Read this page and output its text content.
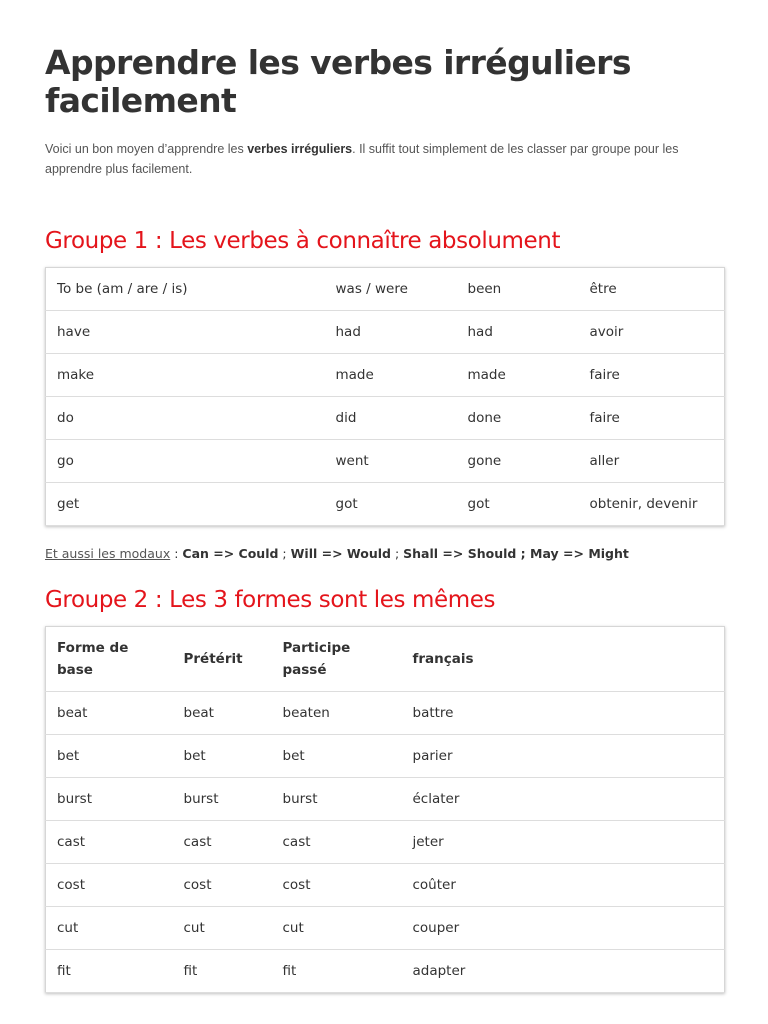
Apprendre les verbes irréguliers facilement

Voici un bon moyen d’apprendre les verbes irréguliers. Il suffit tout simplement de les classer par groupe pour les apprendre plus facilement.

Groupe 1 : Les verbes à connaître absolument
To be (am / are / is)	was / were	been	être
have	had	had	avoir
make	made	made	faire
do	did	done	faire
go	went	gone	aller
get	got	got	obtenir, devenir

Et aussi les modaux : Can => Could ; Will => Would ; Shall => Should ; May => Might

Groupe 2 : Les 3 formes sont les mêmes
Forme de base	Prétérit	Participe passé	français
beat	beat	beaten	battre
bet	bet	bet	parier
burst	burst	burst	éclater
cast	cast	cast	jeter
cost	cost	cost	coûter
cut	cut	cut	couper
fit	fit	fit	adapter
